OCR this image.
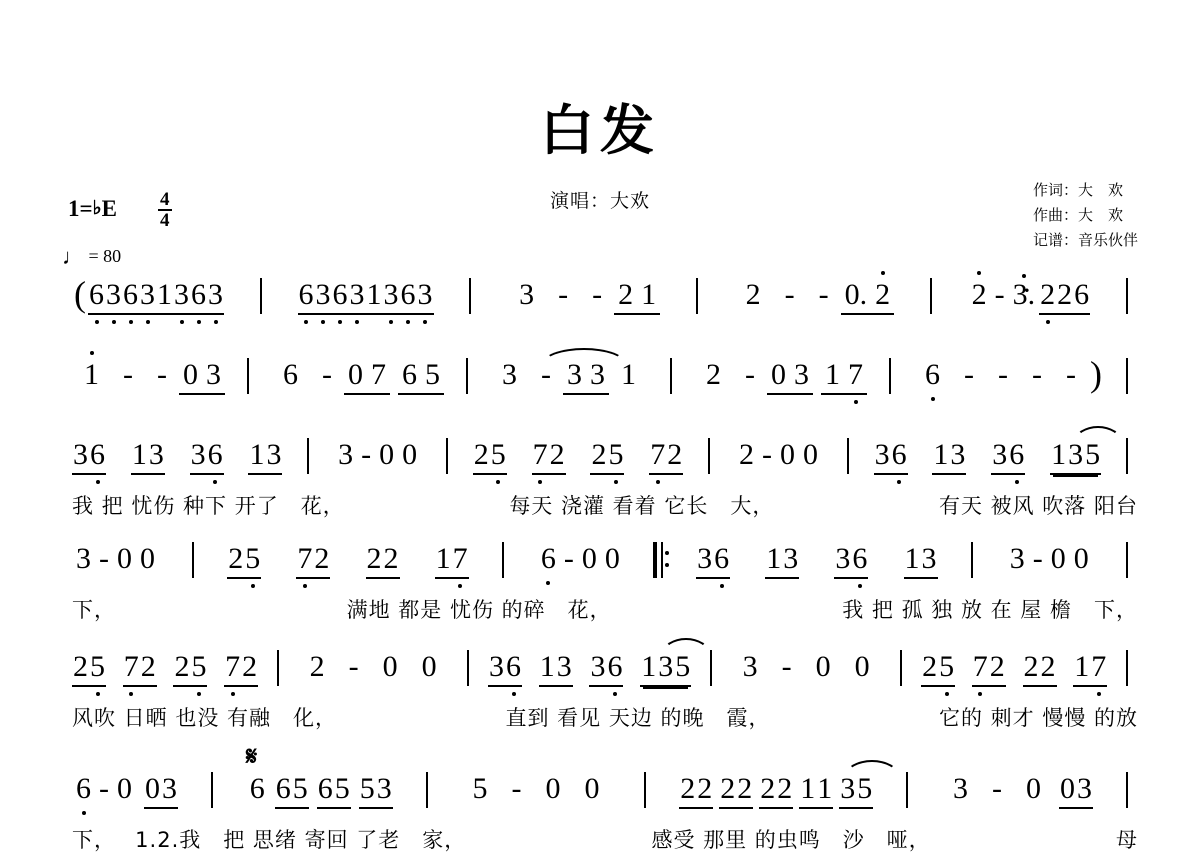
白发
演唱：大欢	作词：大　欢
作曲：大　欢
记谱：音乐伙伴
1=♭E $\frac{4}{4}$
♩ = 80
( 6 3 6 3 1 3 6 3	6 3 6 3 1 3 6 3	3 - - 2 1	2 - - 0. 2	2 - 3. · 2 2 6
1 - - 0 3	6 - 0 7 6 5	3 - 3 3 1	2 - 0 3 1 7	6 - - - - )
3 6 1 3 3 6 1 3 3 - 0 0 2 5 7 2 2 5 7 2 2 - 0 0 3 6 1 3 3 6 1 3 5
我 把 忧伤 种下 开了　花，	每天 浇灌 看着 它长　大，	有天 被风 吹落 阳台
3 - 0 0 2 5 7 2 2 2 1 7 6 - 0 0	3 6 1 3 3 6 1 3 3 - 0 0
下，	满地 都是 忧伤 的碎　花，	我 把 孤 独 放 在 屋 檐　下，
2 5 7 2 2 5 7 2	2 - 0 0	3 6 1 3 3 6 1 3 5	3 - 0 0	2 5 7 2 2 2 1 7
风吹 日晒 也没 有融　化，	直到 看见 天边 的晚　霞，	它的 刺才 慢慢 的放
𝄋
6 - 0 0 3 6 6 5 6 5 5 3	5 - 0 0	2 2 2 2 2 2 1 1 3 5	3 - 0 0 3
下，　 1.2.我　把 思绪 寄回 了老　家，	感受 那里 的虫鸣　沙　哑，	母
